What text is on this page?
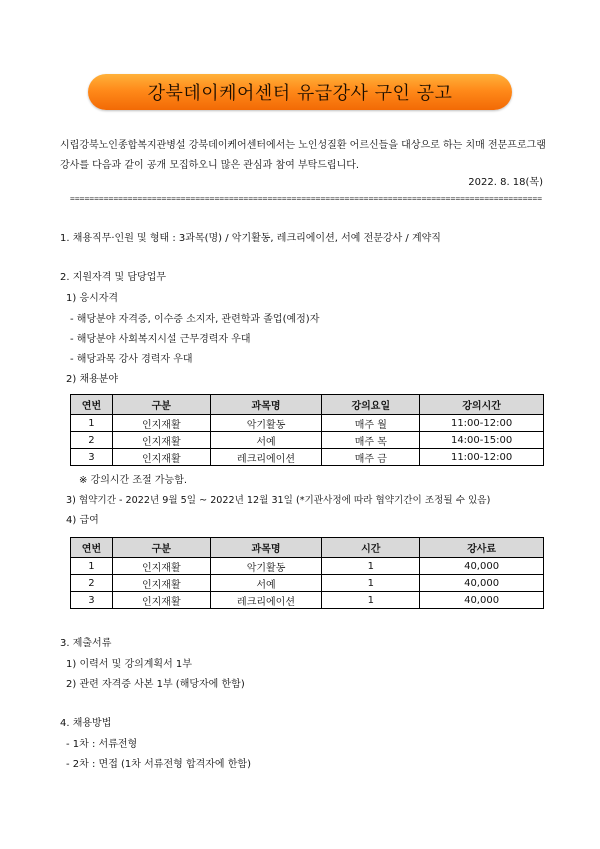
강북데이케어센터 유급강사 구인 공고
시립강북노인종합복지관병설 강북데이케어센터에서는 노인성질환 어르신들을 대상으로 하는 치매 전문프로그램 강사를 다음과 같이 공개 모집하오니 많은 관심과 참여 부탁드립니다.
2022. 8. 18(목)
==================================================================================================
1. 채용직무·인원 및 형태 : 3과목(명) / 악기활동, 레크리에이션, 서예 전문강사 / 계약직
2. 지원자격 및 담당업무
1) 응시자격
- 해당분야 자격증, 이수증 소지자, 관련학과 졸업(예정)자
- 해당분야 사회복지시설 근무경력자 우대
- 해당과목 강사 경력자 우대
2) 채용분야
연번	구분	과목명	강의요일	강의시간
1	인지재활	악기활동	매주 월	11:00-12:00
2	인지재활	서예	매주 목	14:00-15:00
3	인지재활	레크리에이션	매주 금	11:00-12:00
※ 강의시간 조절 가능함.
3) 협약기간 - 2022년 9월 5일 ~ 2022년 12월 31일 (*기관사정에 따라 협약기간이 조정될 수 있음)
4) 급여
연번	구분	과목명	시간	강사료
1	인지재활	악기활동	1	40,000
2	인지재활	서예	1	40,000
3	인지재활	레크리에이션	1	40,000
3. 제출서류
1) 이력서 및 강의계획서 1부
2) 관련 자격증 사본 1부 (해당자에 한함)
4. 채용방법
- 1차 : 서류전형
- 2차 : 면접 (1차 서류전형 합격자에 한함)
